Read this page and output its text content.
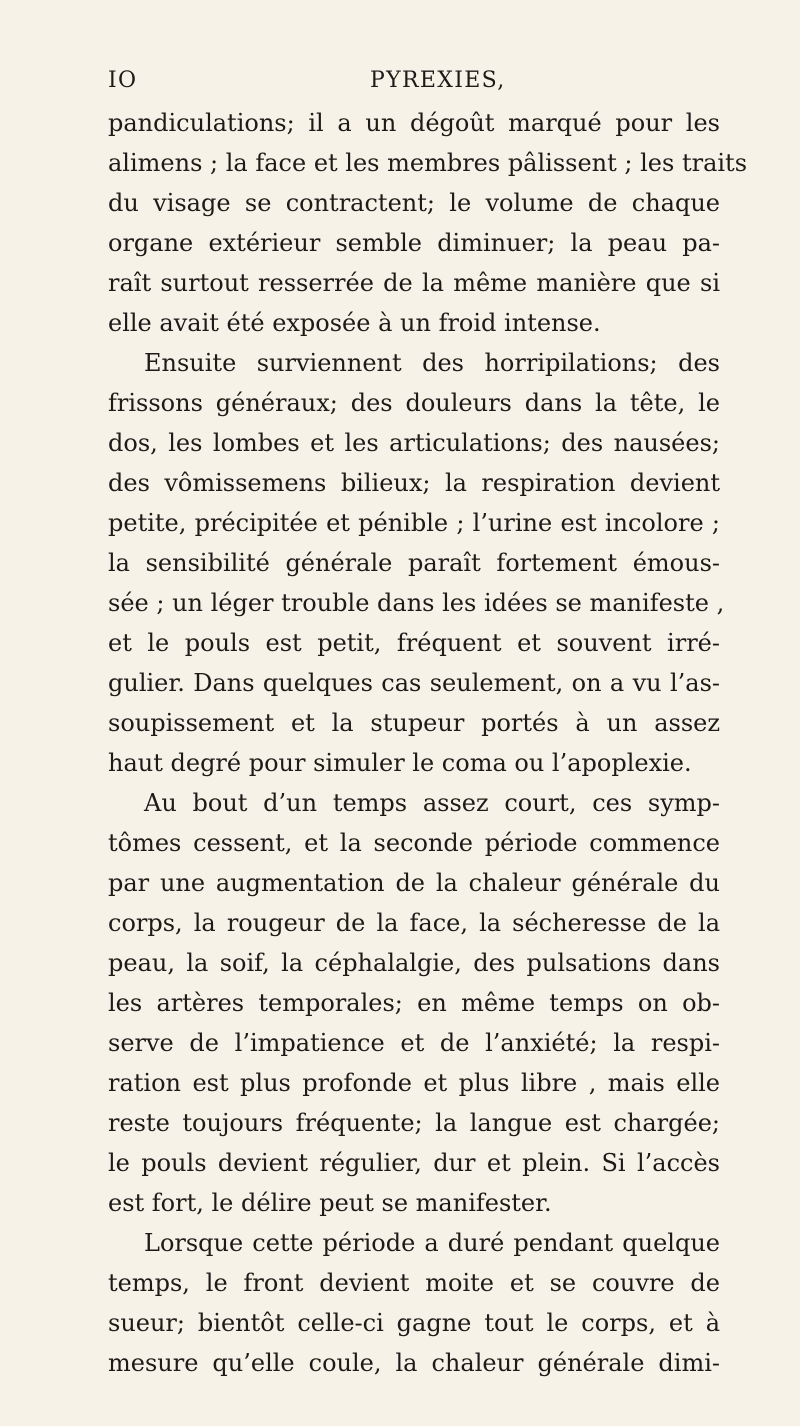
IO	PYREXIES,
pandiculations; il a un dégoût marqué pour les
alimens ; la face et les membres pâlissent ; les traits
du visage se contractent; le volume de chaque
organe extérieur semble diminuer; la peau pa-
raît surtout resserrée de la même manière que si
elle avait été exposée à un froid intense.
Ensuite surviennent des horripilations; des
frissons généraux; des douleurs dans la tête, le
dos, les lombes et les articulations; des nausées;
des vômissemens bilieux; la respiration devient
petite, précipitée et pénible ; l’urine est incolore ;
la sensibilité générale paraît fortement émous-
sée ; un léger trouble dans les idées se manifeste ,
et le pouls est petit, fréquent et souvent irré-
gulier. Dans quelques cas seulement, on a vu l’as-
soupissement et la stupeur portés à un assez
haut degré pour simuler le coma ou l’apoplexie.
Au bout d’un temps assez court, ces symp-
tômes cessent, et la seconde période commence
par une augmentation de la chaleur générale du
corps, la rougeur de la face, la sécheresse de la
peau, la soif, la céphalalgie, des pulsations dans
les artères temporales; en même temps on ob-
serve de l’impatience et de l’anxiété; la respi-
ration est plus profonde et plus libre , mais elle
reste toujours fréquente; la langue est chargée;
le pouls devient régulier, dur et plein. Si l’accès
est fort, le délire peut se manifester.
Lorsque cette période a duré pendant quelque
temps, le front devient moite et se couvre de
sueur; bientôt celle-ci gagne tout le corps, et à
mesure qu’elle coule, la chaleur générale dimi-
